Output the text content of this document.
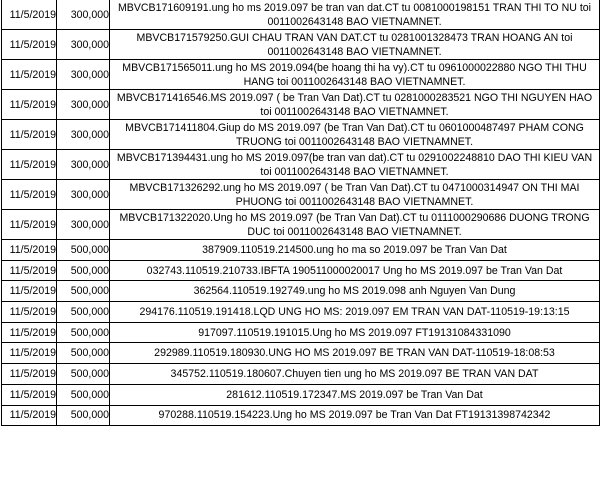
11/5/2019	300,000	MBVCB171609191.ung ho ms 2019.097 be tran van dat.CT tu 0081000198151 TRAN THI TO NU toi 0011002643148 BAO VIETNAMNET.
11/5/2019	300,000	MBVCB171579250.GUI CHAU TRAN VAN DAT.CT tu 0281001328473 TRAN HOANG AN toi 0011002643148 BAO VIETNAMNET.
11/5/2019	300,000	MBVCB171565011.ung ho MS 2019.094(be hoang thi ha vy).CT tu 0961000022880 NGO THI THU HANG toi 0011002643148 BAO VIETNAMNET.
11/5/2019	300,000	MBVCB171416546.MS 2019.097 ( be Tran Van Dat).CT tu 0281000283521 NGO THI NGUYEN HAO toi 0011002643148 BAO VIETNAMNET.
11/5/2019	300,000	MBVCB171411804.Giup do MS 2019.097 (be Tran Van Dat).CT tu 0601000487497 PHAM CONG TRUONG toi 0011002643148 BAO VIETNAMNET.
11/5/2019	300,000	MBVCB171394431.ung ho MS 2019.097(be tran van dat).CT tu 0291002248810 DAO THI KIEU VAN toi 0011002643148 BAO VIETNAMNET.
11/5/2019	300,000	MBVCB171326292.ung ho MS 2019.097 ( be Tran Van Dat).CT tu 0471000314947 ON THI MAI PHUONG toi 0011002643148 BAO VIETNAMNET.
11/5/2019	300,000	MBVCB171322020.Ung ho MS 2019.097 (be Tran Van Dat).CT tu 0111000290686 DUONG TRONG DUC toi 0011002643148 BAO VIETNAMNET.
11/5/2019	500,000	387909.110519.214500.ung ho ma so 2019.097 be Tran Van Dat
11/5/2019	500,000	032743.110519.210733.IBFTA 190511000020017 Ung ho MS 2019.097 be Tran Van Dat
11/5/2019	500,000	362564.110519.192749.ung ho MS 2019.098 anh Nguyen Van Dung
11/5/2019	500,000	294176.110519.191418.LQD UNG HO MS: 2019.097 EM TRAN VAN DAT-110519-19:13:15
11/5/2019	500,000	917097.110519.191015.Ung ho MS 2019.097 FT19131084331090
11/5/2019	500,000	292989.110519.180930.UNG HO MS 2019.097 BE TRAN VAN DAT-110519-18:08:53
11/5/2019	500,000	345752.110519.180607.Chuyen tien ung ho MS 2019.097 BE TRAN VAN DAT
11/5/2019	500,000	281612.110519.172347.MS 2019.097 be Tran Van Dat
11/5/2019	500,000	970288.110519.154223.Ung ho MS 2019.097 be Tran Van Dat FT19131398742342
